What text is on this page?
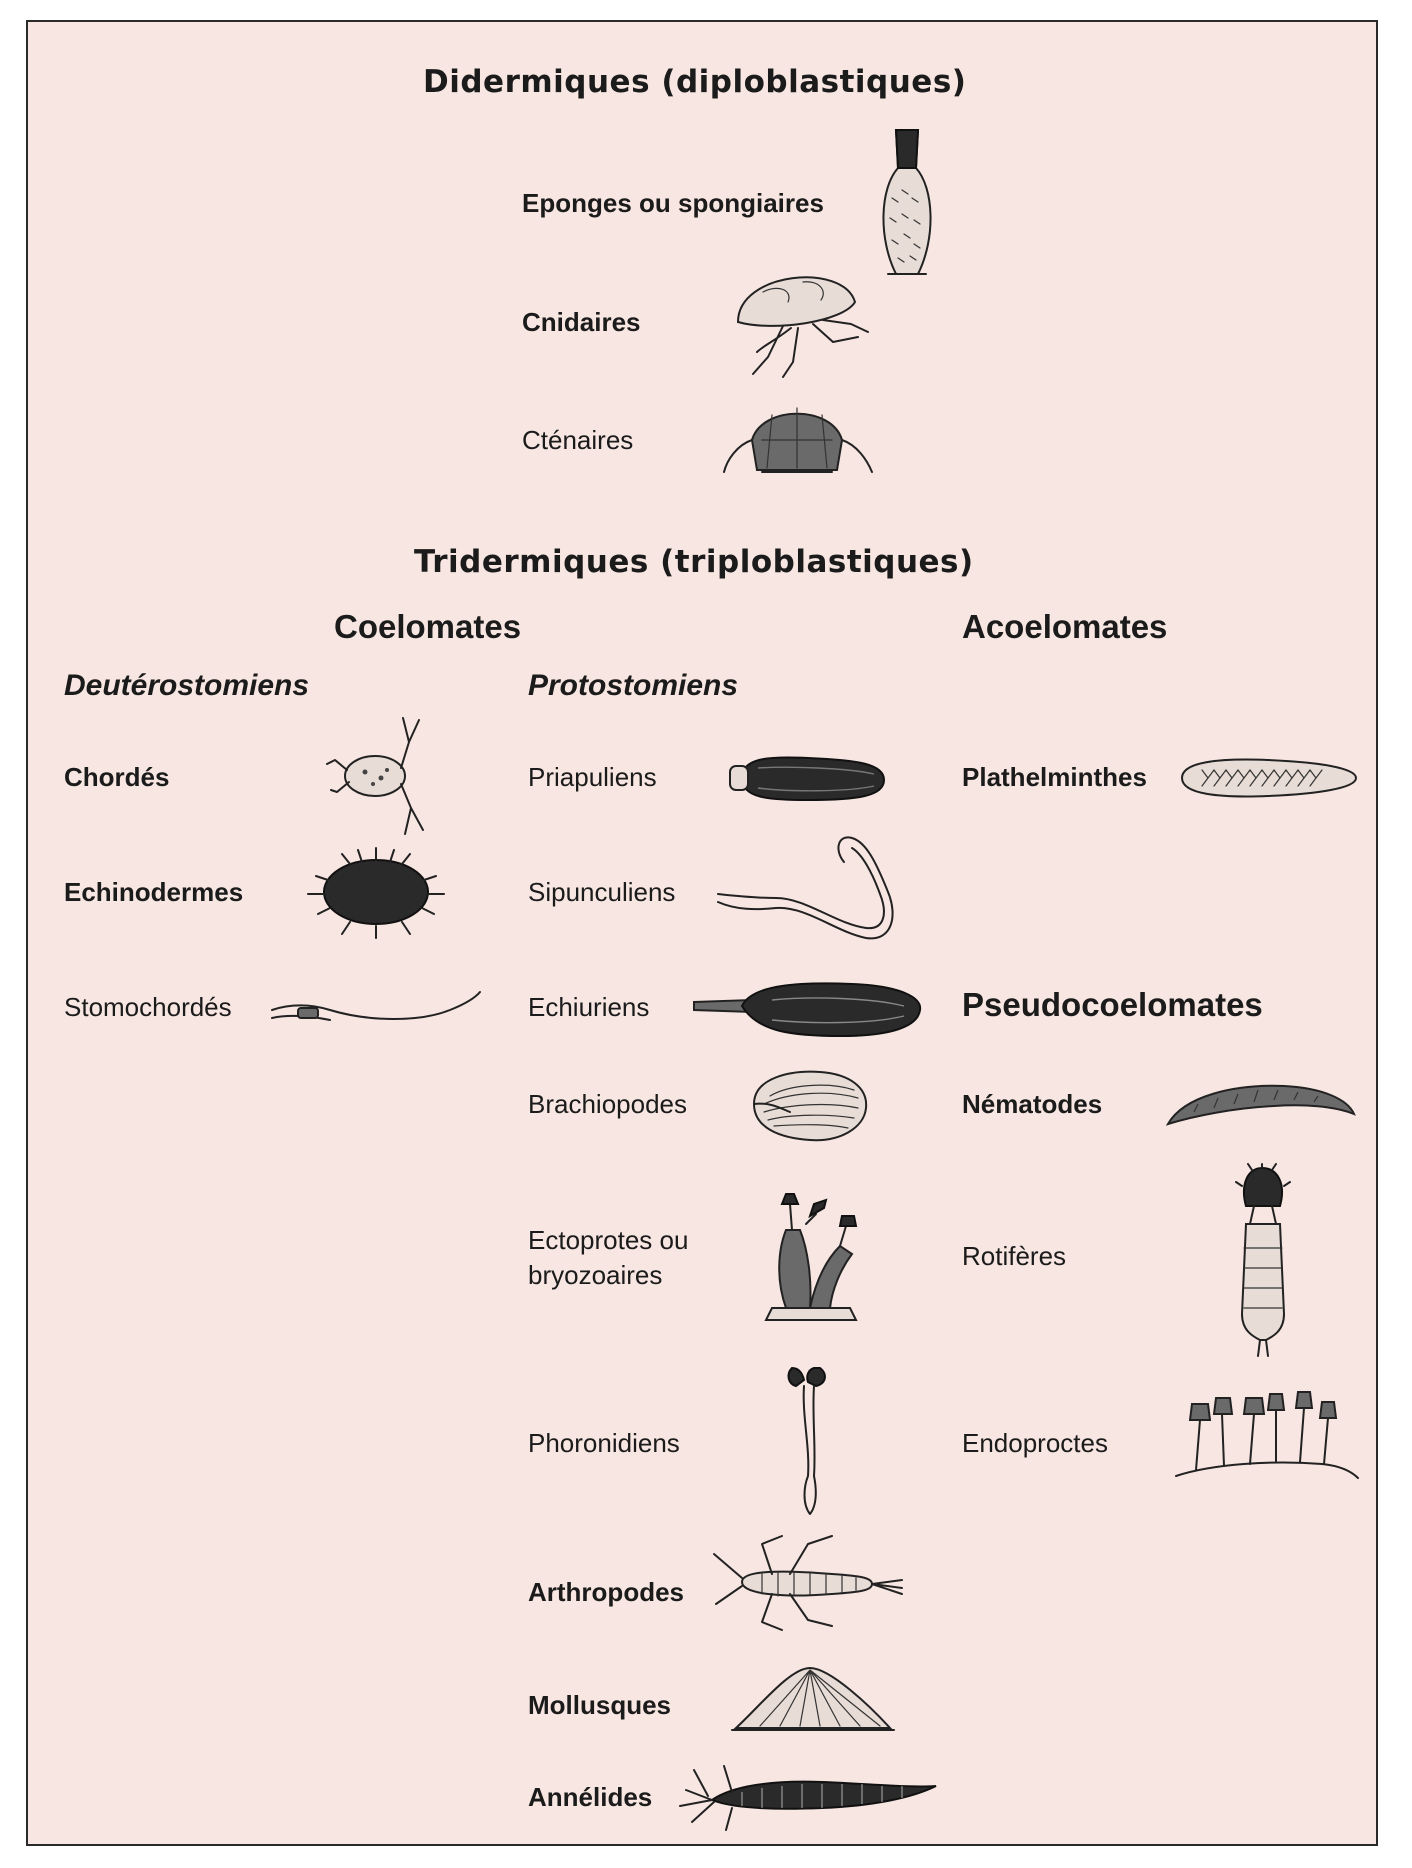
Didermiques (diploblastiques)
Tridermiques (triploblastiques)
Coelomates	Acoelomates
Deutérostomiens	Protostomiens
Pseudocoelomates
Eponges ou spongiaires
Cnidaires
Cténaires
Chordés
Echinodermes
Stomochordés
Priapuliens
Sipunculiens
Echiuriens
Brachiopodes
Ectoprotes ou
bryozoaires
Phoronidiens
Arthropodes
Mollusques
Annélides
Plathelminthes
Nématodes
Rotifères
Endoproctes
